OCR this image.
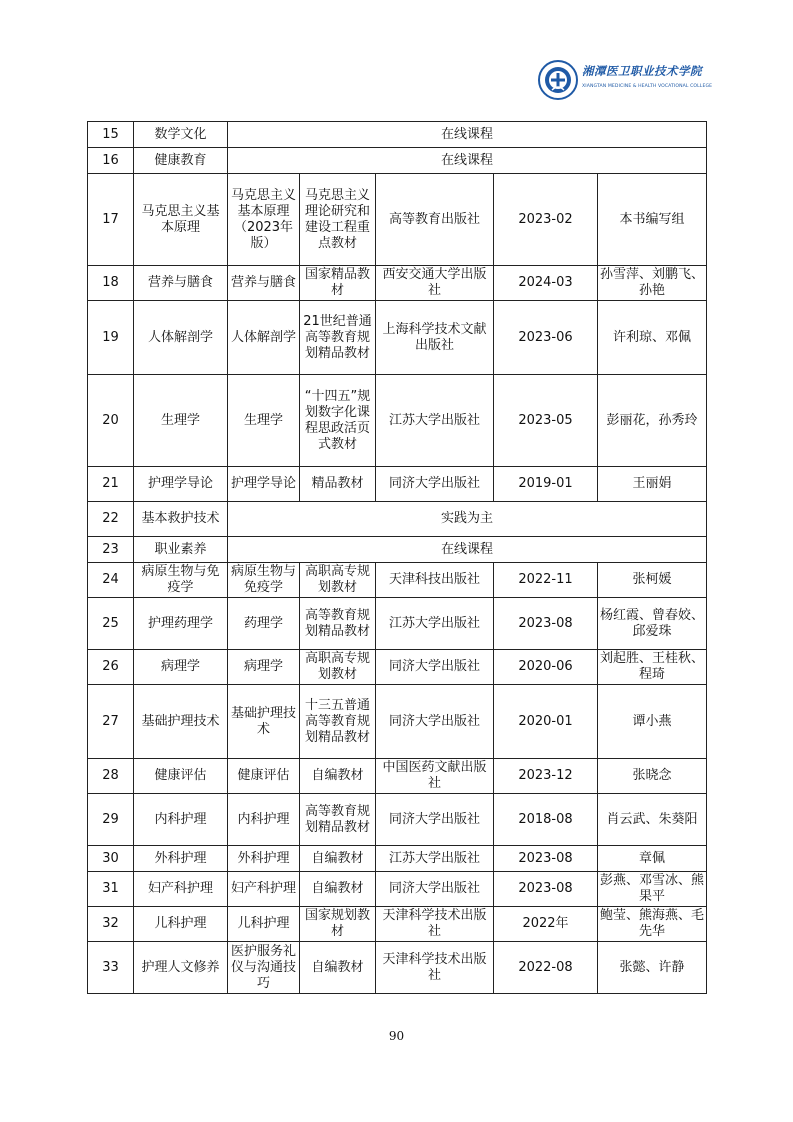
湘潭医卫职业技术学院
XIANGTAN MEDICINE & HEALTH VOCATIONAL COLLEGE
15	数学文化	在线课程				
16	健康教育	在线课程				
17	马克思主义基本原理	马克思主义基本原理（2023年版）	马克思主义理论研究和建设工程重点教材	高等教育出版社	2023-02	本书编写组
18	营养与膳食	营养与膳食	国家精品教材	西安交通大学出版社	2024-03	孙雪萍、刘鹏飞、孙艳
19	人体解剖学	人体解剖学	21世纪普通高等教育规划精品教材	上海科学技术文献出版社	2023-06	许利琼、邓佩
20	生理学	生理学	“十四五”规划数字化课程思政活页式教材	江苏大学出版社	2023-05	彭丽花，孙秀玲
21	护理学导论	护理学导论	精品教材	同济大学出版社	2019-01	王丽娟
22	基本救护技术	实践为主				
23	职业素养	在线课程				
24	病原生物与免疫学	病原生物与免疫学	高职高专规划教材	天津科技出版社	2022-11	张柯媛
25	护理药理学	药理学	高等教育规划精品教材	江苏大学出版社	2023-08	杨红霞、曾春姣、邱爱珠
26	病理学	病理学	高职高专规划教材	同济大学出版社	2020-06	刘起胜、王桂秋、程琦
27	基础护理技术	基础护理技术	十三五普通高等教育规划精品教材	同济大学出版社	2020-01	谭小燕
28	健康评估	健康评估	自编教材	中国医药文献出版社	2023-12	张晓念
29	内科护理	内科护理	高等教育规划精品教材	同济大学出版社	2018-08	肖云武、朱葵阳
30	外科护理	外科护理	自编教材	江苏大学出版社	2023-08	章佩
31	妇产科护理	妇产科护理	自编教材	同济大学出版社	2023-08	彭燕、邓雪冰、熊果平
32	儿科护理	儿科护理	国家规划教材	天津科学技术出版社	2022年	鲍莹、熊海燕、毛先华
33	护理人文修养	医护服务礼仪与沟通技巧	自编教材	天津科学技术出版社	2022-08	张懿、许静
90
